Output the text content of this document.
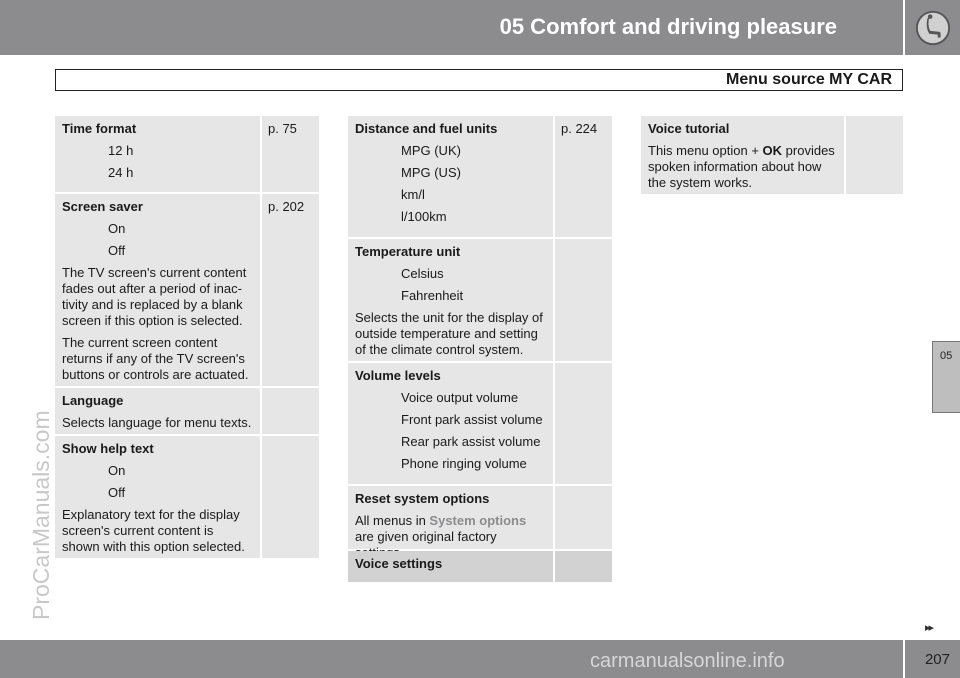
05 Comfort and driving pleasure
Menu source MY CAR
05
ProCarManuals.com
Time format
12 h
24 h
p. 75
Screen saver
On
Off
The TV screen's current content fades out after a period of inac-tivity and is replaced by a blank screen if this option is selected.
The current screen content returns if any of the TV screen's buttons or controls are actuated.
p. 202
Language
Selects language for menu texts.
Show help text
On
Off
Explanatory text for the display screen's current content is shown with this option selected.
Distance and fuel units
MPG (UK)
MPG (US)
km/l
l/100km
p. 224
Temperature unit
Celsius
Fahrenheit
Selects the unit for the display of outside temperature and setting of the climate control system.
Volume levels
Voice output volume
Front park assist volume
Rear park assist volume
Phone ringing volume
Reset system options
All menus in System options are given original factory
Voice settings
Voice tutorial
This menu option + OK provides spoken information about how the system works.
▸▸
207
carmanualsonline.info
